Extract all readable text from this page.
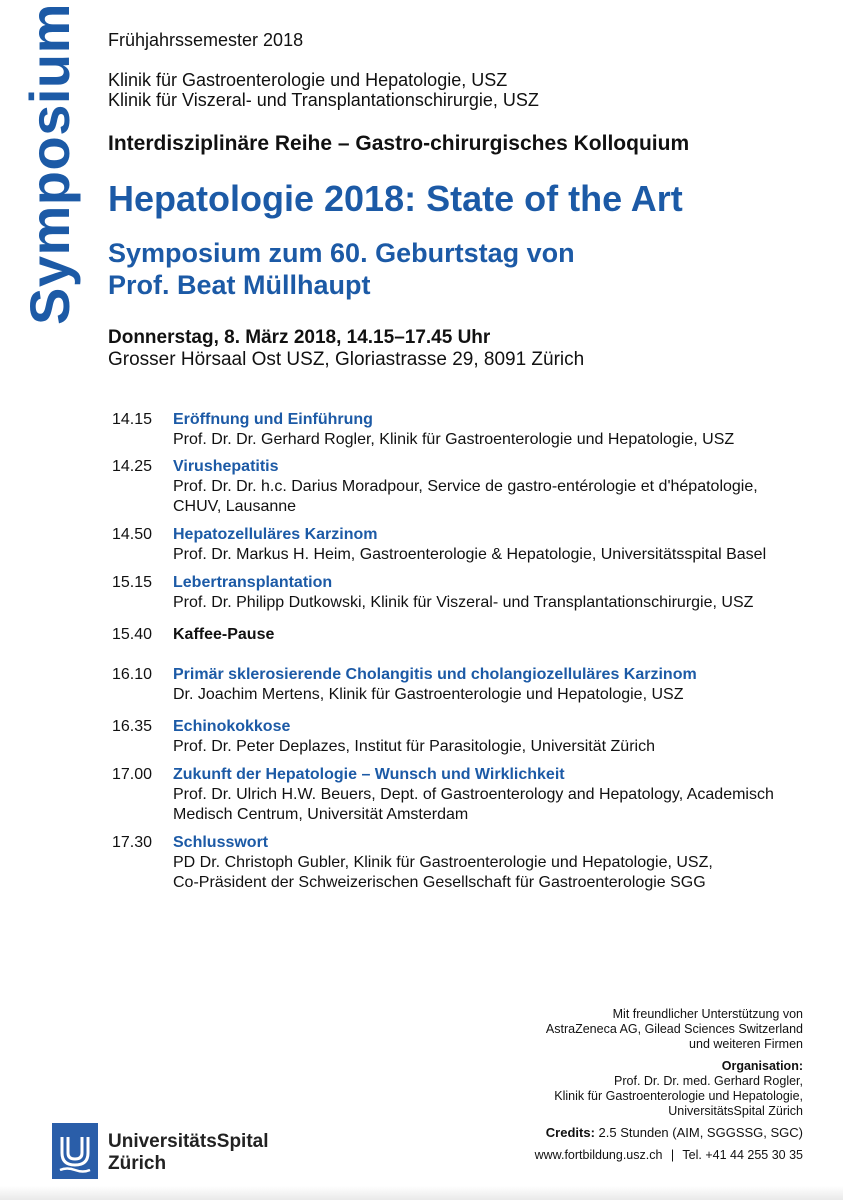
Symposium Frühjahrssemester 2018
Klinik für Gastroenterologie und Hepatologie, USZ
Klinik für Viszeral- und Transplantationschirurgie, USZ
Interdisziplinäre Reihe – Gastro-chirurgisches Kolloquium
Hepatologie 2018: State of the Art
Symposium zum 60. Geburtstag von
Prof. Beat Müllhaupt
Donnerstag, 8. März 2018, 14.15–17.45 Uhr
Grosser Hörsaal Ost USZ, Gloriastrasse 29, 8091 Zürich
14.15	Eröffnung und Einführung
Prof. Dr. Dr. Gerhard Rogler, Klinik für Gastroenterologie und Hepatologie, USZ
14.25	Virushepatitis
Prof. Dr. Dr. h.c. Darius Moradpour, Service de gastro-entérologie et d'hépatologie,
CHUV, Lausanne
14.50	Hepatozelluläres Karzinom
Prof. Dr. Markus H. Heim, Gastroenterologie & Hepatologie, Universitätsspital Basel
15.15	Lebertransplantation
Prof. Dr. Philipp Dutkowski, Klinik für Viszeral- und Transplantationschirurgie, USZ
15.40	Kaffee-Pause
16.10	Primär sklerosierende Cholangitis und cholangiozelluläres Karzinom
Dr. Joachim Mertens, Klinik für Gastroenterologie und Hepatologie, USZ
16.35	Echinokokkose
Prof. Dr. Peter Deplazes, Institut für Parasitologie, Universität Zürich
17.00	Zukunft der Hepatologie – Wunsch und Wirklichkeit
Prof. Dr. Ulrich H.W. Beuers, Dept. of Gastroenterology and Hepatology, Academisch
Medisch Centrum, Universität Amsterdam
17.30	Schlusswort
PD Dr. Christoph Gubler, Klinik für Gastroenterologie und Hepatologie, USZ,
Co-Präsident der Schweizerischen Gesellschaft für Gastroenterologie SGG
Mit freundlicher Unterstützung von
AstraZeneca AG, Gilead Sciences Switzerland
und weiteren Firmen
Organisation:
Prof. Dr. Dr. med. Gerhard Rogler,
Klinik für Gastroenterologie und Hepatologie,
UniversitätsSpital Zürich
Credits: 2.5 Stunden (AIM, SGGSSG, SGC)
www.fortbildung.usz.ch | Tel. +41 44 255 30 35
UniversitätsSpital
Zürich
